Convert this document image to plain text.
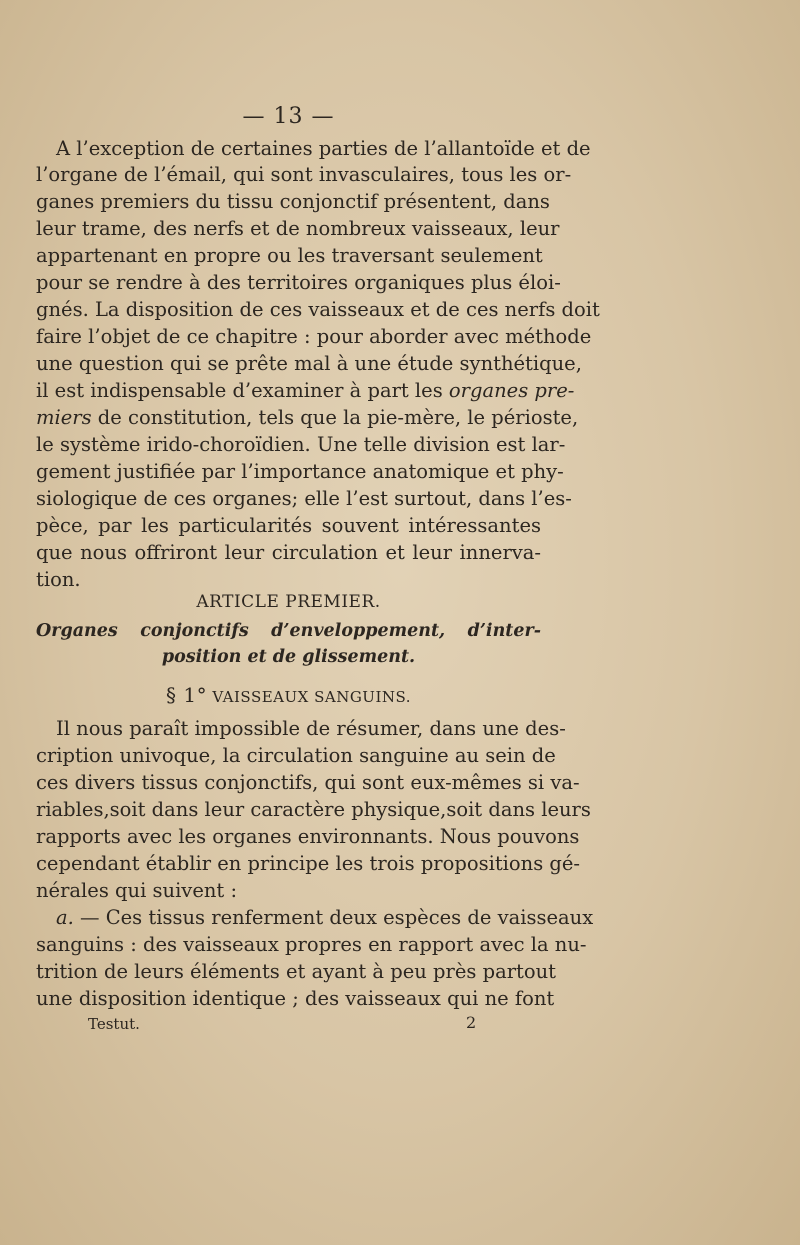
— 13 —
A l’exception de certaines parties de l’allantoïde et de
l’organe de l’émail, qui sont invasculaires, tous les or-
ganes premiers du tissu conjonctif présentent, dans
leur trame, des nerfs et de nombreux vaisseaux, leur
appartenant en propre ou les traversant seulement
pour se rendre à des territoires organiques plus éloi-
gnés. La disposition de ces vaisseaux et de ces nerfs doit
faire l’objet de ce chapitre : pour aborder avec méthode
une question qui se prête mal à une étude synthétique,
il est indispensable d’examiner à part les organes pre-
miers de constitution, tels que la pie-mère, le périoste,
le système irido-choroïdien. Une telle division est lar-
gement justifiée par l’importance anatomique et phy-
siologique de ces organes; elle l’est surtout, dans l’es-
pèce, par les particularités souvent intéressantes
que nous offriront leur circulation et leur innerva-
tion.
ARTICLE PREMIER.
Organes conjonctifs d’enveloppement, d’inter-
position et de glissement.
§ 1° VAISSEAUX SANGUINS.
Il nous paraît impossible de résumer, dans une des-
cription univoque, la circulation sanguine au sein de
ces divers tissus conjonctifs, qui sont eux-mêmes si va-
riables,soit dans leur caractère physique,soit dans leurs
rapports avec les organes environnants. Nous pouvons
cependant établir en principe les trois propositions gé-
nérales qui suivent :
a. — Ces tissus renferment deux espèces de vaisseaux
sanguins : des vaisseaux propres en rapport avec la nu-
trition de leurs éléments et ayant à peu près partout
une disposition identique ; des vaisseaux qui ne font
Testut.	2
